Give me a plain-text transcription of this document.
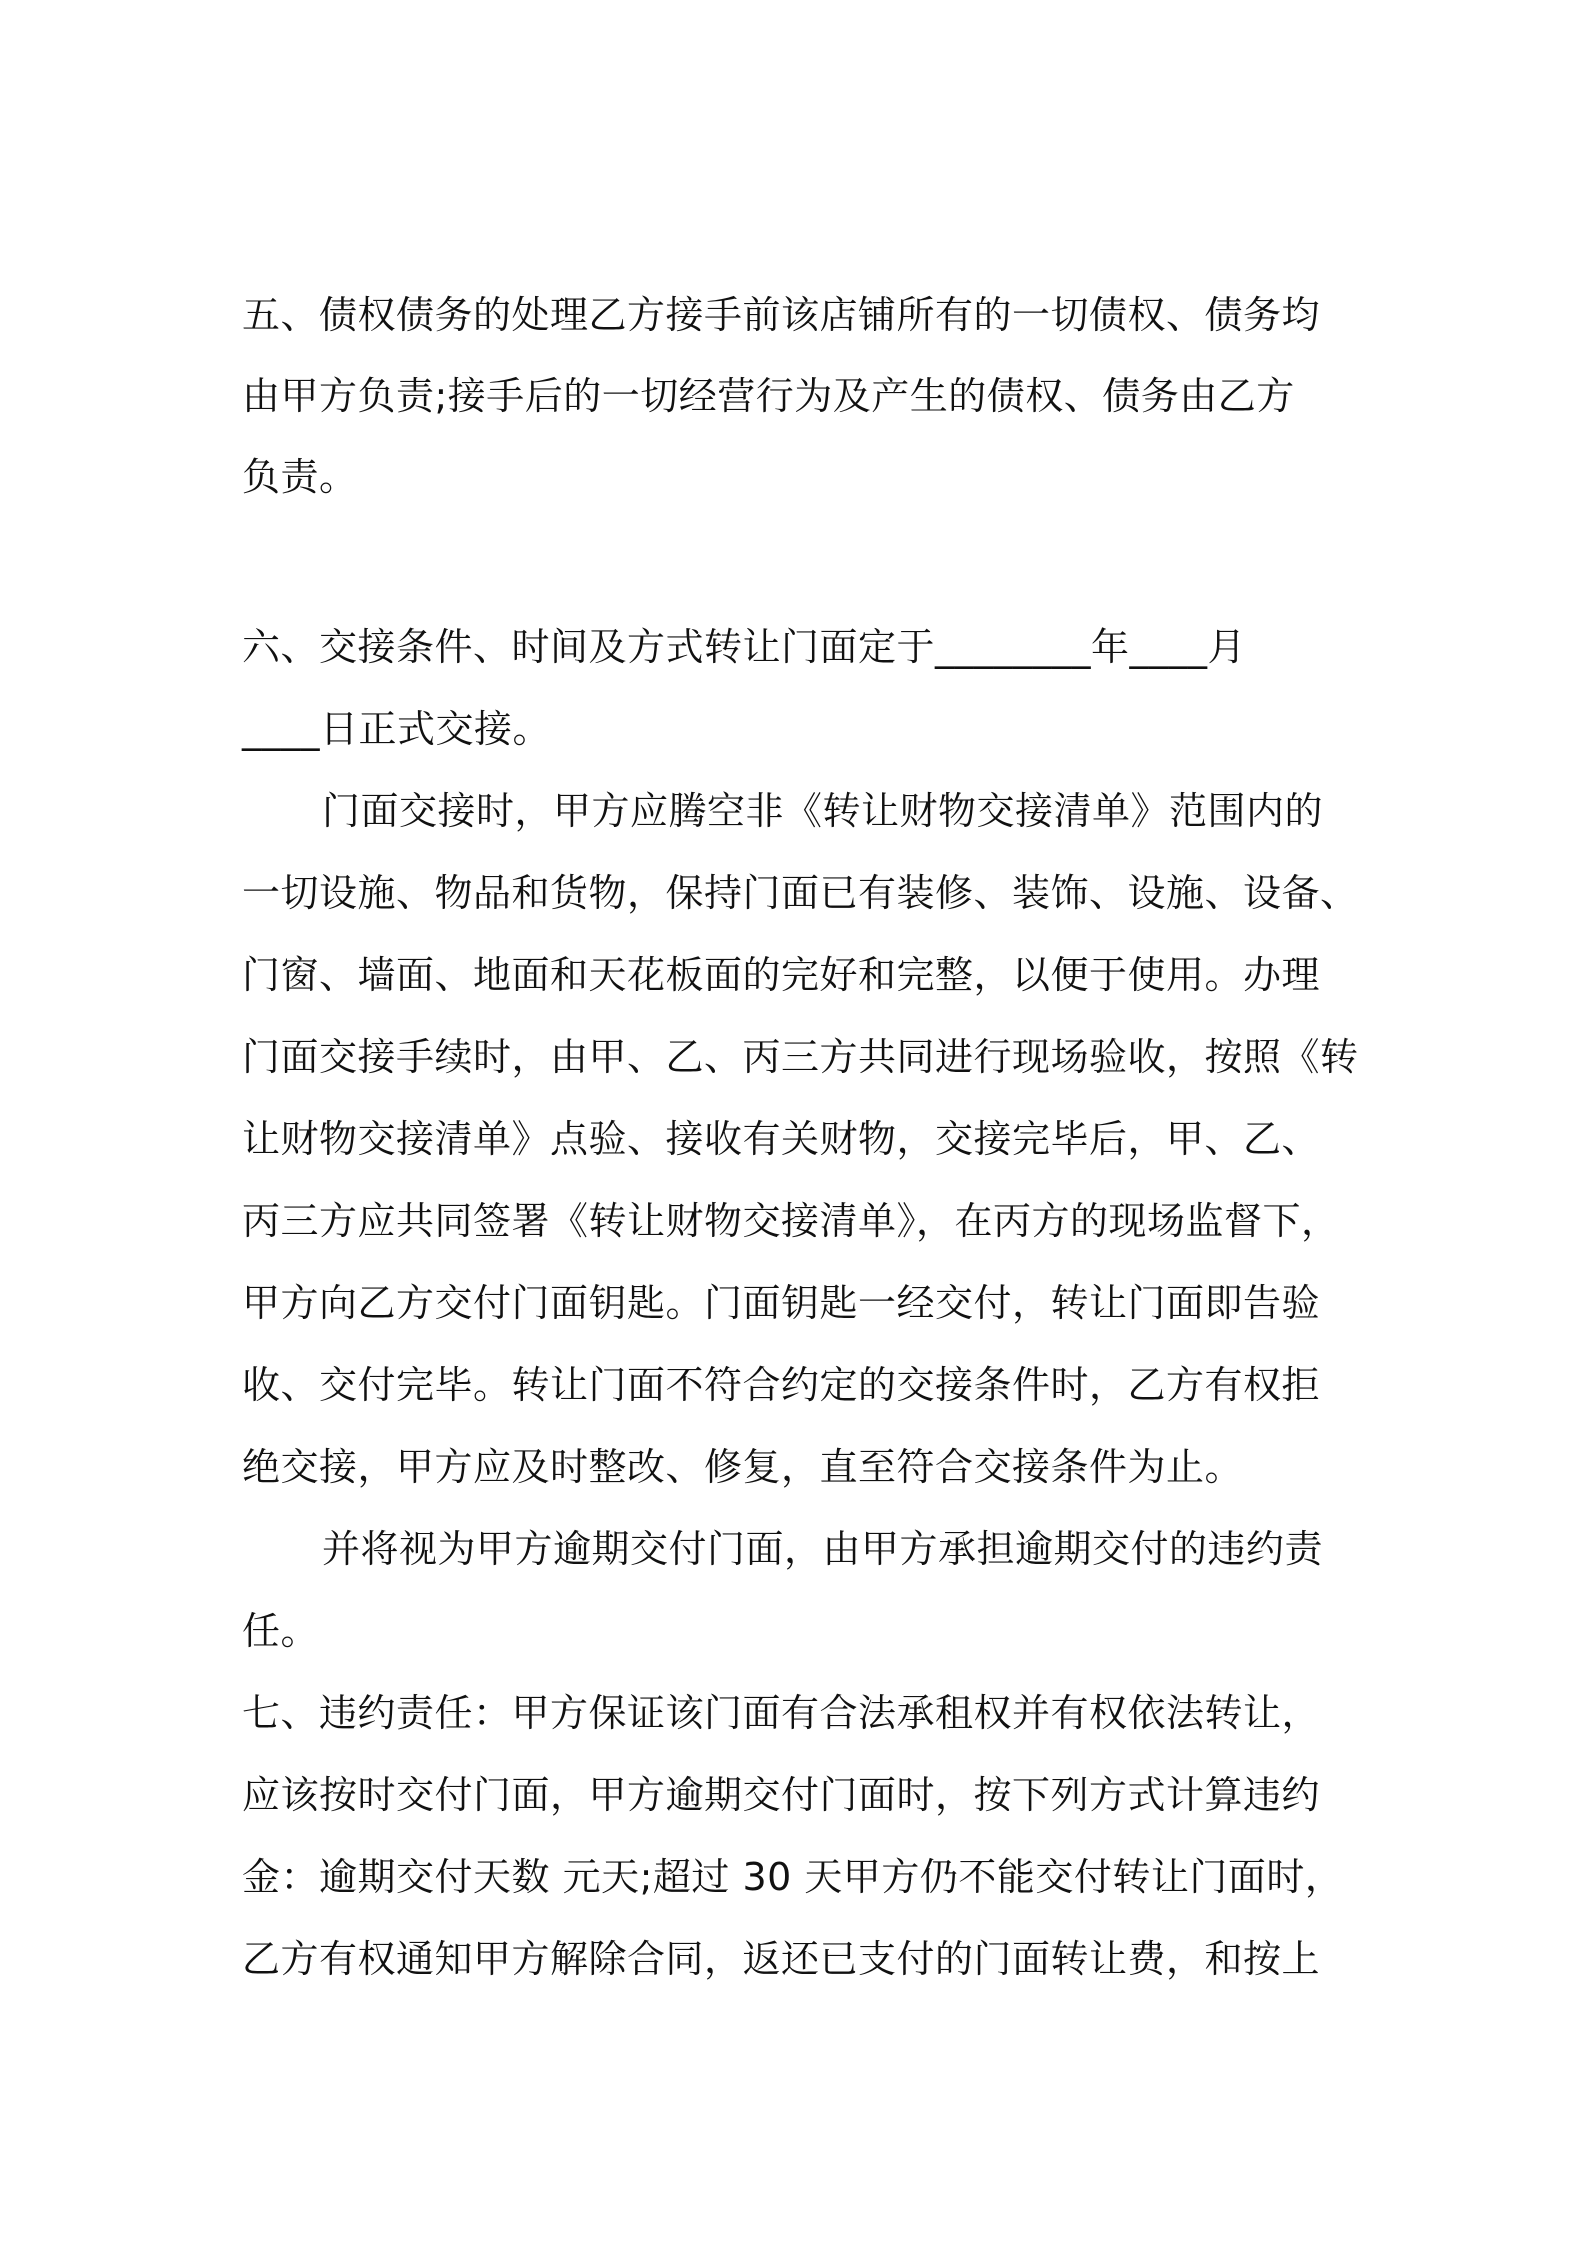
五、债权债务的处理乙方接手前该店铺所有的一切债权、债务均
由甲方负责;接手后的一切经营行为及产生的债权、债务由乙方
负责。
六、交接条件、时间及方式转让门面定于________年____月
____日正式交接。
门面交接时，甲方应腾空非《转让财物交接清单》范围内的
一切设施、物品和货物，保持门面已有装修、装饰、设施、设备、
门窗、墙面、地面和天花板面的完好和完整，以便于使用。办理
门面交接手续时，由甲、乙、丙三方共同进行现场验收，按照《转
让财物交接清单》点验、接收有关财物，交接完毕后，甲、乙、
丙三方应共同签署《转让财物交接清单》，在丙方的现场监督下，
甲方向乙方交付门面钥匙。门面钥匙一经交付，转让门面即告验
收、交付完毕。转让门面不符合约定的交接条件时，乙方有权拒
绝交接，甲方应及时整改、修复，直至符合交接条件为止。
并将视为甲方逾期交付门面，由甲方承担逾期交付的违约责
任。
七、违约责任：甲方保证该门面有合法承租权并有权依法转让，
应该按时交付门面，甲方逾期交付门面时，按下列方式计算违约
金：逾期交付天数 元天;超过 30 天甲方仍不能交付转让门面时，
乙方有权通知甲方解除合同，返还已支付的门面转让费，和按上
